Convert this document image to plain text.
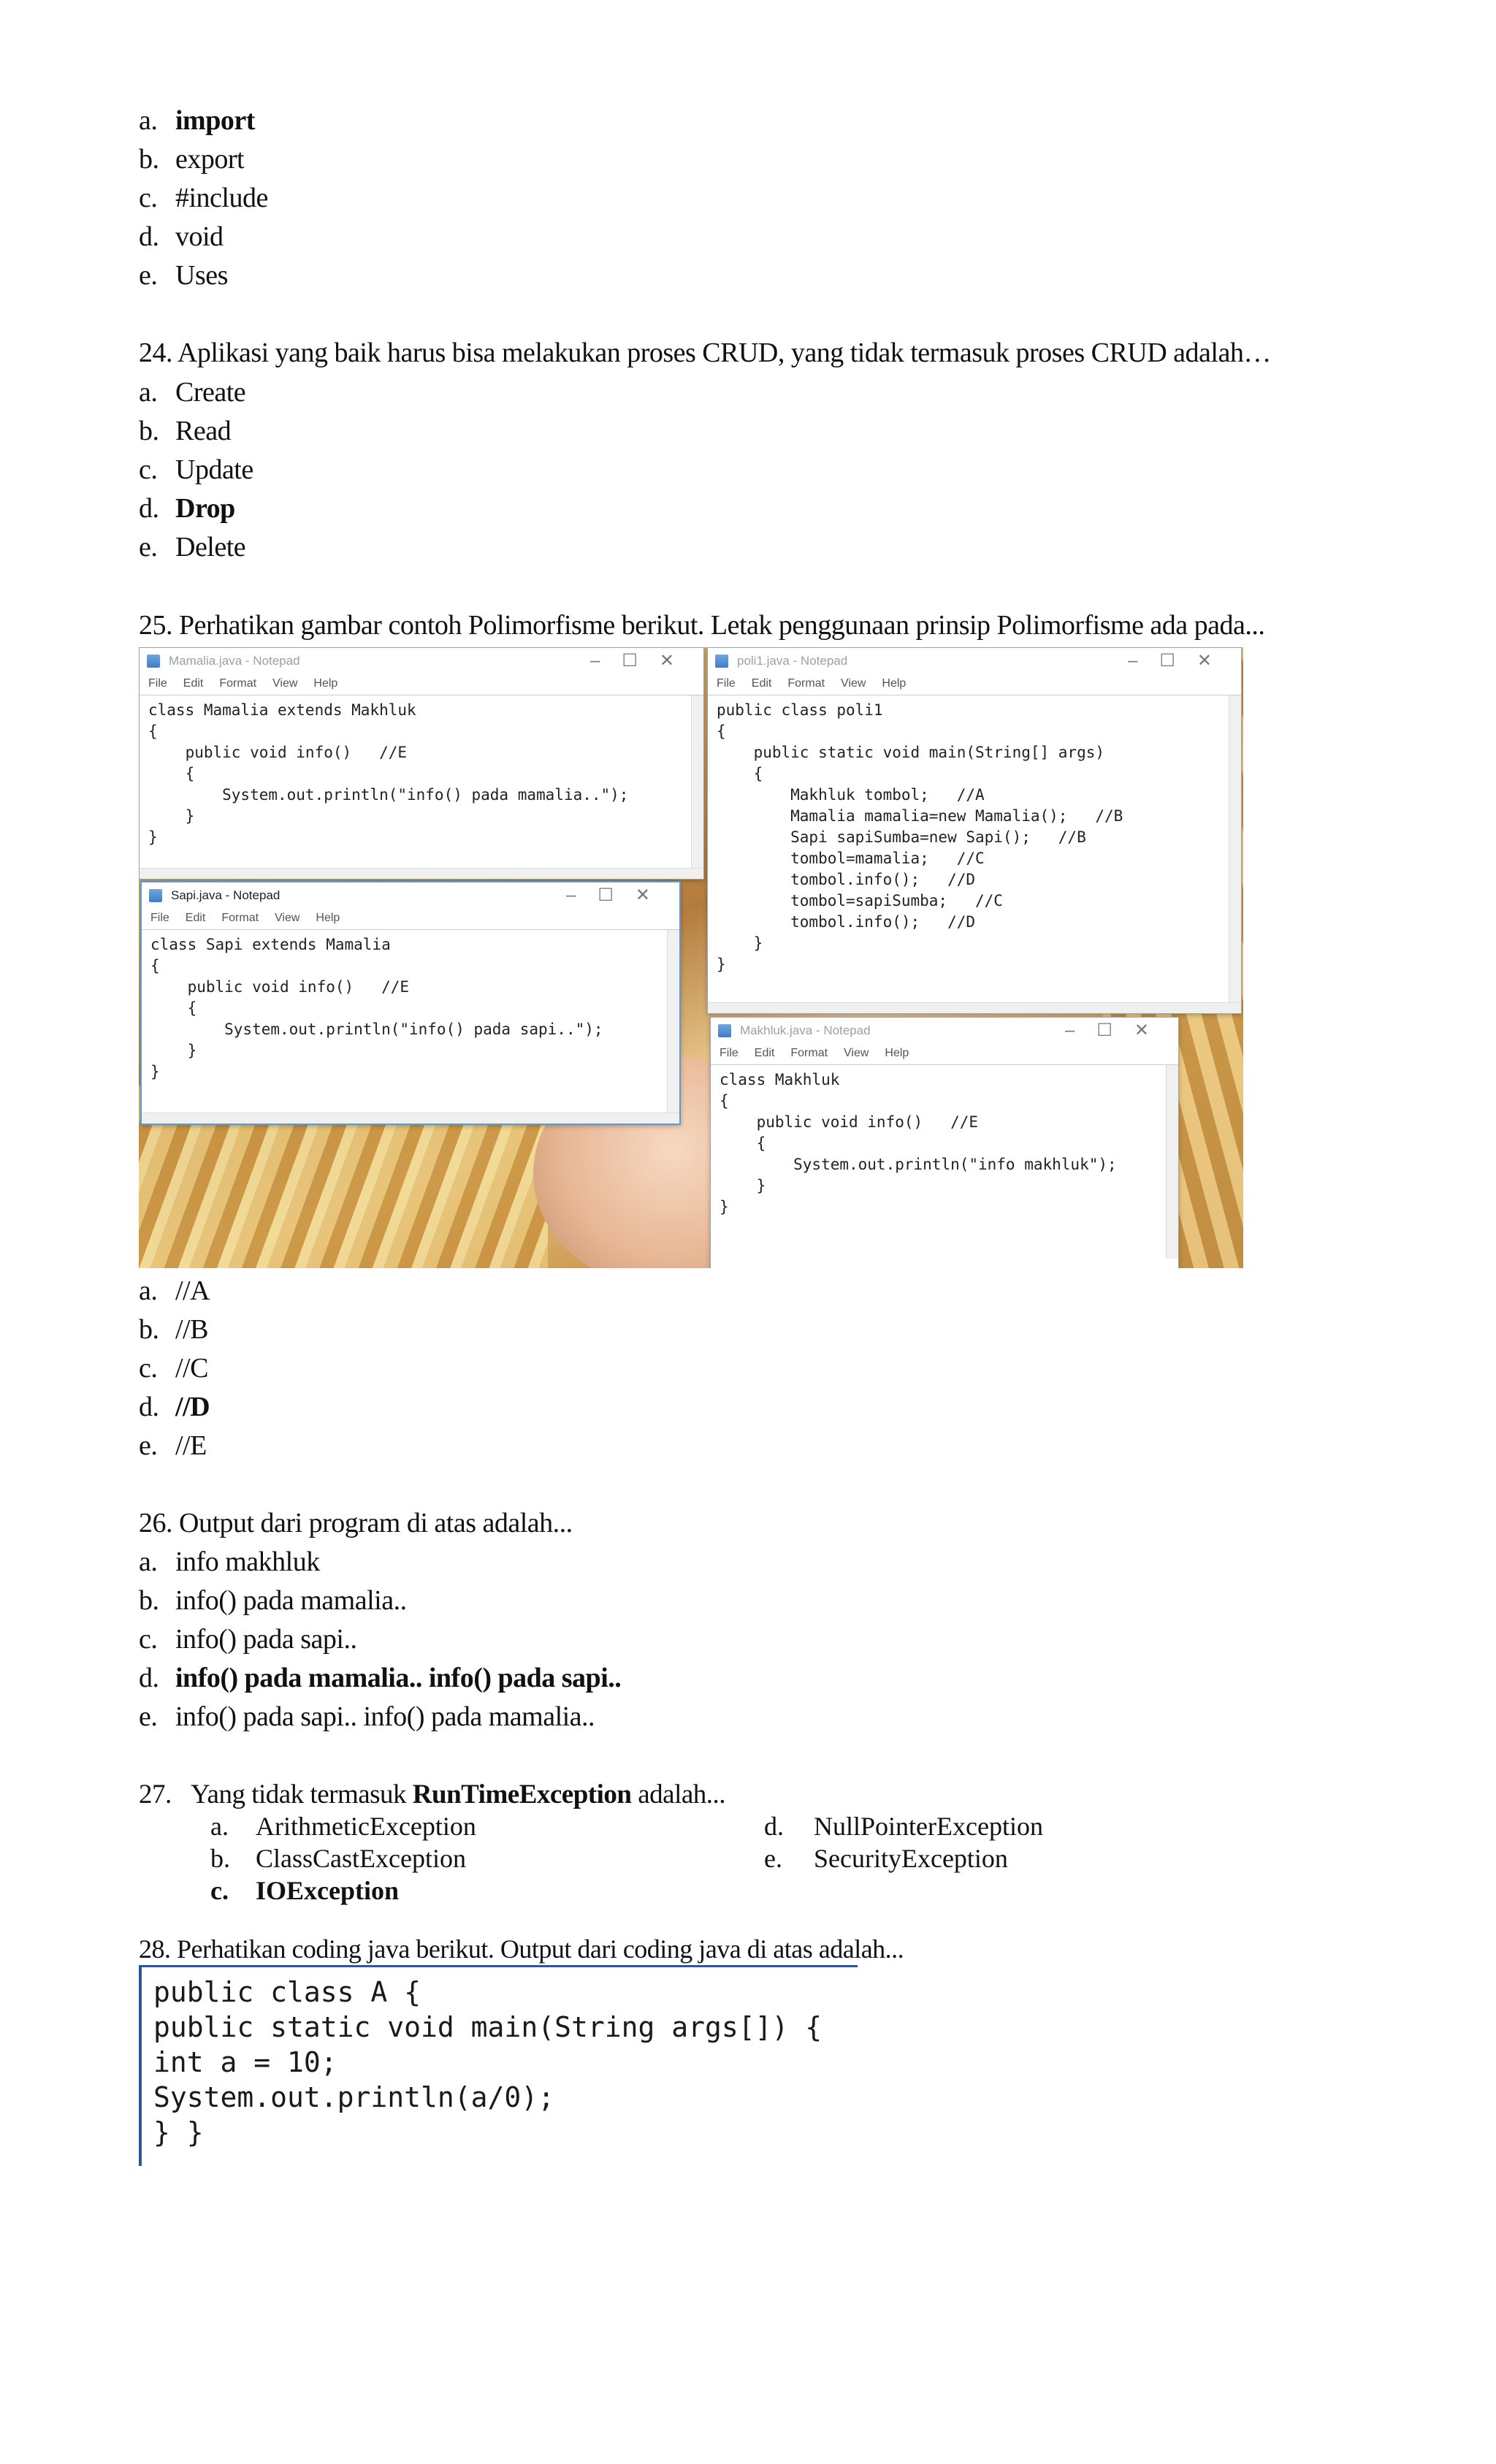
a. import
b. export
c. #include
d. void
e. Uses
24. Aplikasi yang baik harus bisa melakukan proses CRUD, yang tidak termasuk proses CRUD adalah…
a. Create
b. Read
c. Update
d. Drop
e. Delete
25. Perhatikan gambar contoh Polimorfisme berikut. Letak penggunaan prinsip Polimorfisme ada pada...
Mamalia.java - Notepad	–☐✕
File Edit Format View Help
class Mamalia extends Makhluk
{
public void info()   //E
{
System.out.println("info() pada mamalia..");
}
}
poli1.java - Notepad	–☐✕
File Edit Format View Help
public class poli1
{
public static void main(String[] args)
{
Makhluk tombol;   //A
Mamalia mamalia=new Mamalia();   //B
Sapi sapiSumba=new Sapi();   //B
tombol=mamalia;   //C
tombol.info();   //D
tombol=sapiSumba;   //C
tombol.info();   //D
}
}
Sapi.java - Notepad	–☐✕
File Edit Format View Help
class Sapi extends Mamalia
{
public void info()   //E
{
System.out.println("info() pada sapi..");
}
}
Makhluk.java - Notepad	–☐✕
File Edit Format View Help
class Makhluk
{
public void info()   //E
{
System.out.println("info makhluk");
}
}
a. //A
b. //B
c. //C
d. //D
e. //E
26. Output dari program di atas adalah...
a. info makhluk
b. info() pada mamalia..
c. info() pada sapi..
d. info() pada mamalia.. info() pada sapi..
e. info() pada sapi.. info() pada mamalia..
27. Yang tidak termasuk RunTimeException adalah...
a. ArithmeticException
b. ClassCastException
c. IOException
d. NullPointerException
e. SecurityException
28. Perhatikan coding java berikut. Output dari coding java di atas adalah...
public class A {
public static void main(String args[]) {
int a = 10;
System.out.println(a/0);
} }
